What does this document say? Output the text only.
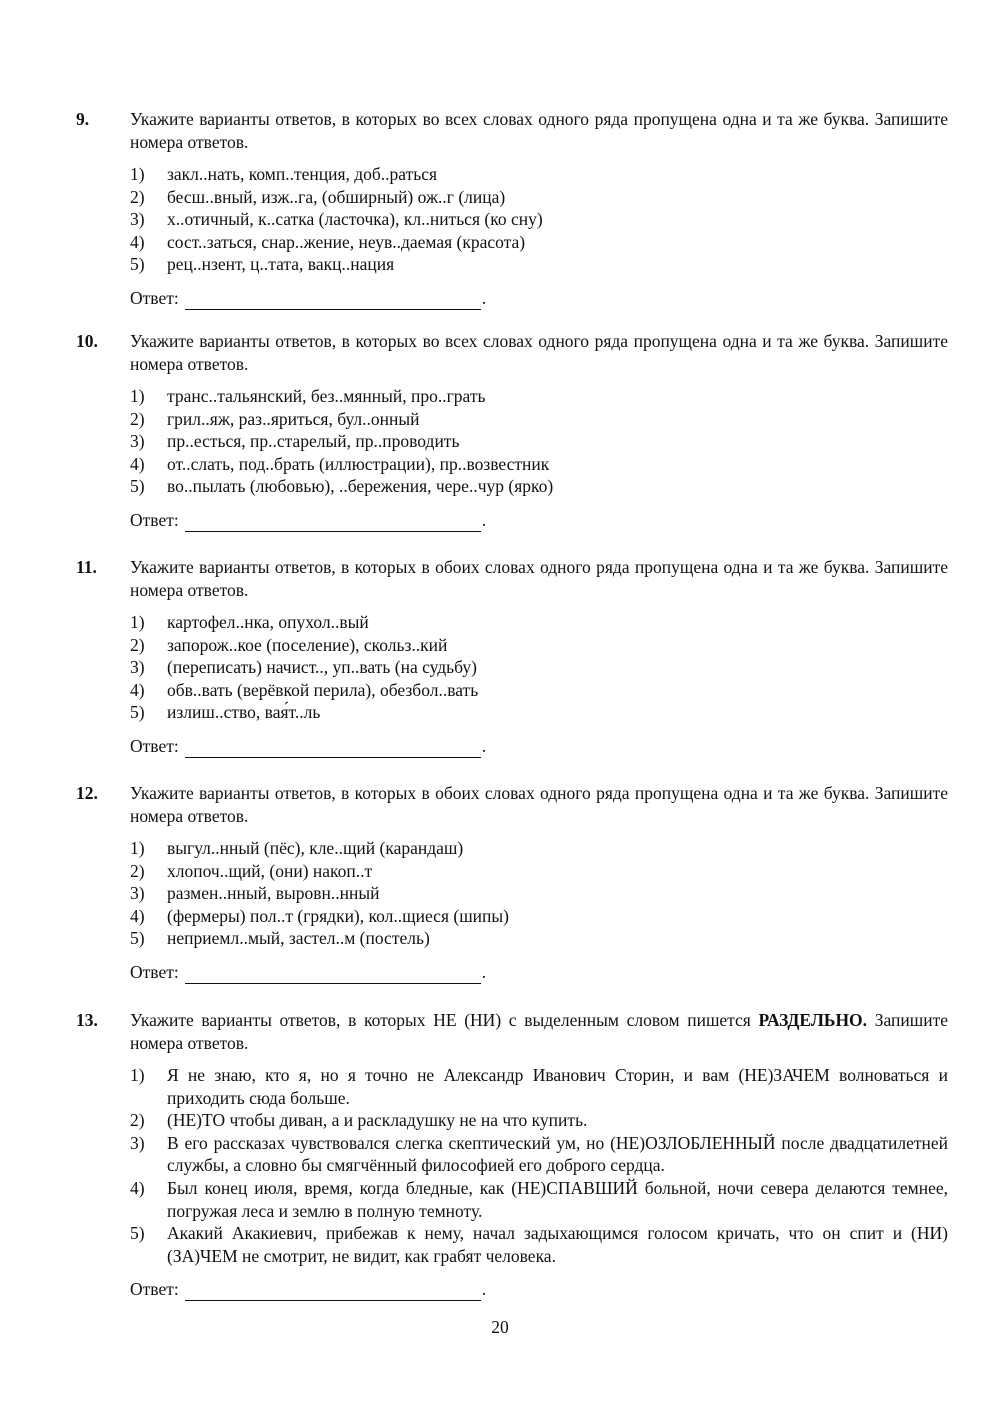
9. Укажите варианты ответов, в которых во всех словах одного ряда пропущена одна и та же буква. Запишите номера ответов.

1) закл..нать, комп..тенция, доб..раться
2) бесш..вный, изж..га, (обширный) ож..г (лица)
3) х..отичный, к..сатка (ласточка), кл..ниться (ко сну)
4) сост..заться, снар..жение, неув..даемая (красота)
5) рец..нзент, ц..тата, вакц..нация
Ответ:	.
10. Укажите варианты ответов, в которых во всех словах одного ряда пропущена одна и та же буква. Запишите номера ответов.

1) транс..тальянский, без..мянный, про..грать
2) грил..яж, раз..яриться, бул..онный
3) пр..есться, пр..старелый, пр..проводить
4) от..слать, под..брать (иллюстрации), пр..возвестник
5) во..пылать (любовью), ..бережения, чере..чур (ярко)
Ответ:	.
11. Укажите варианты ответов, в которых в обоих словах одного ряда пропущена одна и та же буква. Запишите номера ответов.

1) картофел..нка, опухол..вый
2) запорож..кое (поселение), скольз..кий
3) (переписать) начист.., уп..вать (на судьбу)
4) обв..вать (верёвкой перила), обезбол..вать
5) излиш..ство, вая́т..ль
Ответ:	.
12. Укажите варианты ответов, в которых в обоих словах одного ряда пропущена одна и та же буква. Запишите номера ответов.

1) выгул..нный (пёс), кле..щий (карандаш)
2) хлопоч..щий, (они) накоп..т
3) размен..нный, выровн..нный
4) (фермеры) пол..т (грядки), кол..щиеся (шипы)
5) неприемл..мый, застел..м (постель)
Ответ:	.
13. Укажите варианты ответов, в которых НЕ (НИ) с выделенным словом пишется РАЗДЕЛЬНО. Запишите номера ответов.

1) Я не знаю, кто я, но я точно не Александр Иванович Сторин, и вам (НЕ)ЗАЧЕМ волноваться и приходить сюда больше.
2) (НЕ)ТО чтобы диван, а и раскладушку не на что купить.
3) В его рассказах чувствовался слегка скептический ум, но (НЕ)ОЗЛОБЛЕННЫЙ после двадцатилетней службы, а словно бы смягчённый философией его доброго сердца.
4) Был конец июля, время, когда бледные, как (НЕ)СПАВШИЙ больной, ночи севера делаются темнее, погружая леса и землю в полную темноту.
5) Акакий Акакиевич, прибежав к нему, начал задыхающимся голосом кричать, что он спит и (НИ)(ЗА)ЧЕМ не смотрит, не видит, как грабят человека.
Ответ:	.
20
